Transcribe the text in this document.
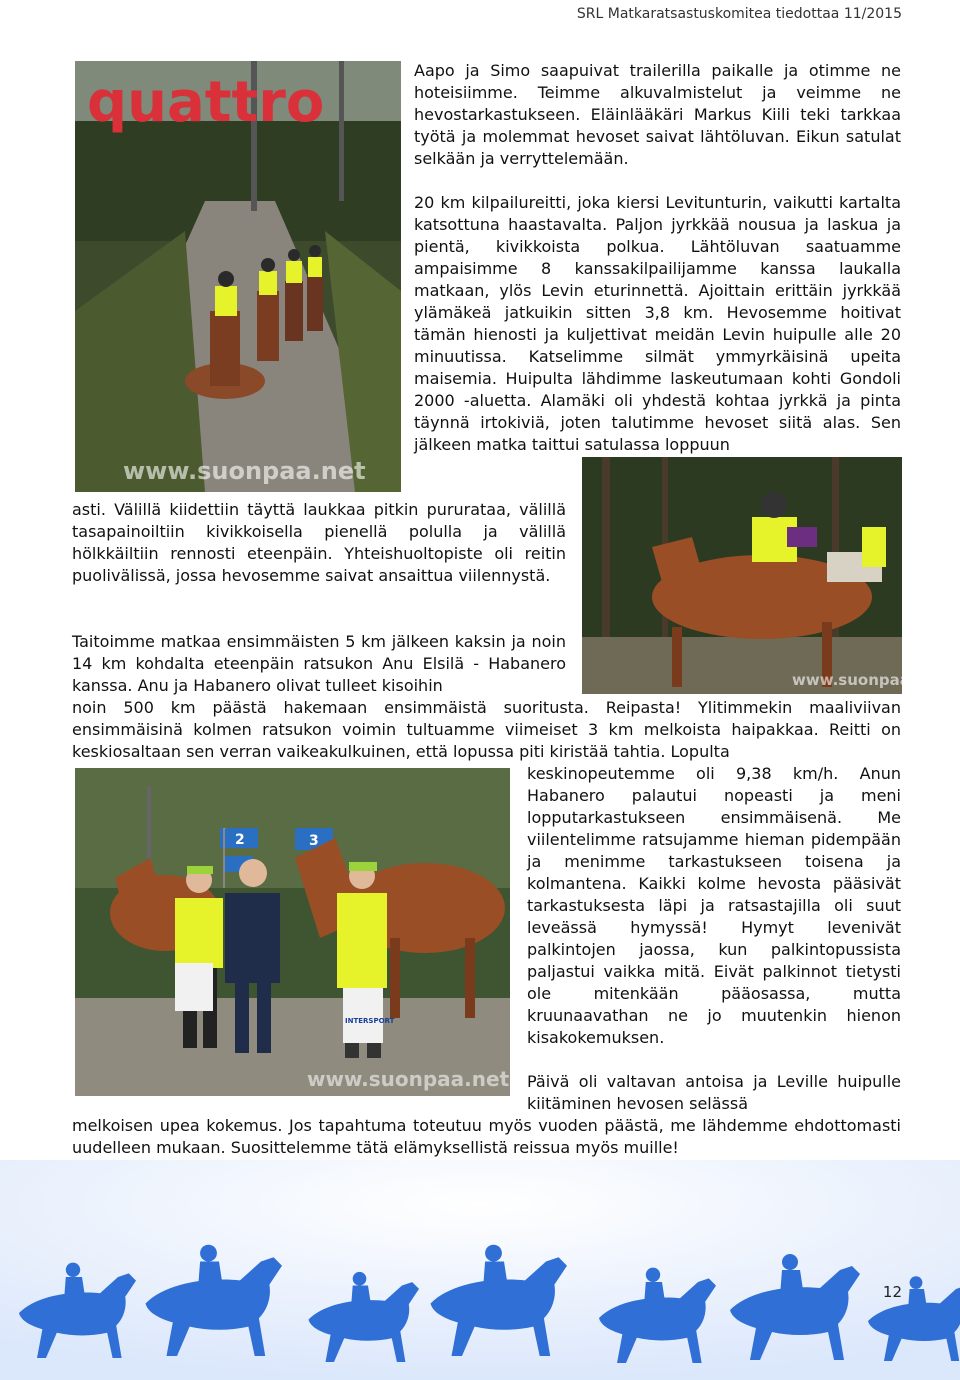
SRL Matkaratsastuskomitea tiedottaa 11/2015
quattro
www.suonpaa.net

Aapo ja Simo saapuivat trailerilla paikalle ja otimme ne hoteisiimme. Teimme alkuvalmistelut ja veimme ne hevostarkastukseen. Eläinlääkäri Markus Kiili teki tarkkaa työtä ja molemmat hevoset saivat lähtöluvan. Eikun satulat selkään ja verryttelemään.

20 km kilpailureitti, joka kiersi Levitunturin, vaikutti kartalta katsottuna haastavalta. Paljon jyrkkää nousua ja laskua ja pientä, kivikkoista polkua. Lähtöluvan saatuamme ampaisimme 8 kanssakilpailijamme kanssa laukalla matkaan, ylös Levin eturinnettä. Ajoittain erittäin jyrkkää ylämäkeä jatkuikin sitten 3,8 km. Hevosemme hoitivat tämän hienosti ja kuljettivat meidän Levin huipulle alle 20 minuutissa. Katselimme silmät ymmyrkäisinä upeita maisemia. Huipulta lähdimme laskeutumaan kohti Gondoli 2000 -aluetta. Alamäki oli yhdestä kohtaa jyrkkä ja pinta täynnä irtokiviä, joten talutimme hevoset siitä alas. Sen jälkeen matka taittui satulassa loppuun

www.suonpaa.net

asti. Välillä kiidettiin täyttä laukkaa pitkin pururataa, välillä tasapainoiltiin kivikkoisella pienellä polulla ja välillä hölkkäiltiin rennosti eteenpäin. Yhteishuoltopiste oli reitin puolivälissä, jossa hevosemme saivat ansaittua viilennystä.

Taitoimme matkaa ensimmäisten 5 km jälkeen kaksin ja noin 14 km kohdalta eteenpäin ratsukon Anu Elsilä - Habanero kanssa. Anu ja Habanero olivat tulleet kisoihin

noin 500 km päästä hakemaan ensimmäistä suoritusta. Reipasta! Ylitimmekin maaliviivan ensimmäisinä kolmen ratsukon voimin tultuamme viimeiset 3 km melkoista haipakkaa. Reitti on keskiosaltaan sen verran vaikeakulkuinen, että lopussa piti kiristää tahtia. Lopulta

2	3
INTERSPORT
www.suonpaa.net

keskinopeutemme oli 9,38 km/h. Anun Habanero palautui nopeasti ja meni lopputarkastukseen ensimmäisenä. Me viilentelimme ratsujamme hieman pidempään ja menimme tarkastukseen toisena ja kolmantena. Kaikki kolme hevosta pääsivät tarkastuksesta läpi ja ratsastajilla oli suut leveässä hymyssä! Hymyt levenivät palkintojen jaossa, kun palkintopussista paljastui vaikka mitä. Eivät palkinnot tietysti ole mitenkään pääosassa, mutta kruunaavathan ne jo muutenkin hienon kisakokemuksen.

Päivä oli valtavan antoisa ja Leville huipulle kiitäminen hevosen selässä

melkoisen upea kokemus. Jos tapahtuma toteutuu myös vuoden päästä, me lähdemme ehdottomasti uudelleen mukaan. Suosittelemme tätä elämyksellistä reissua myös muille!

12
